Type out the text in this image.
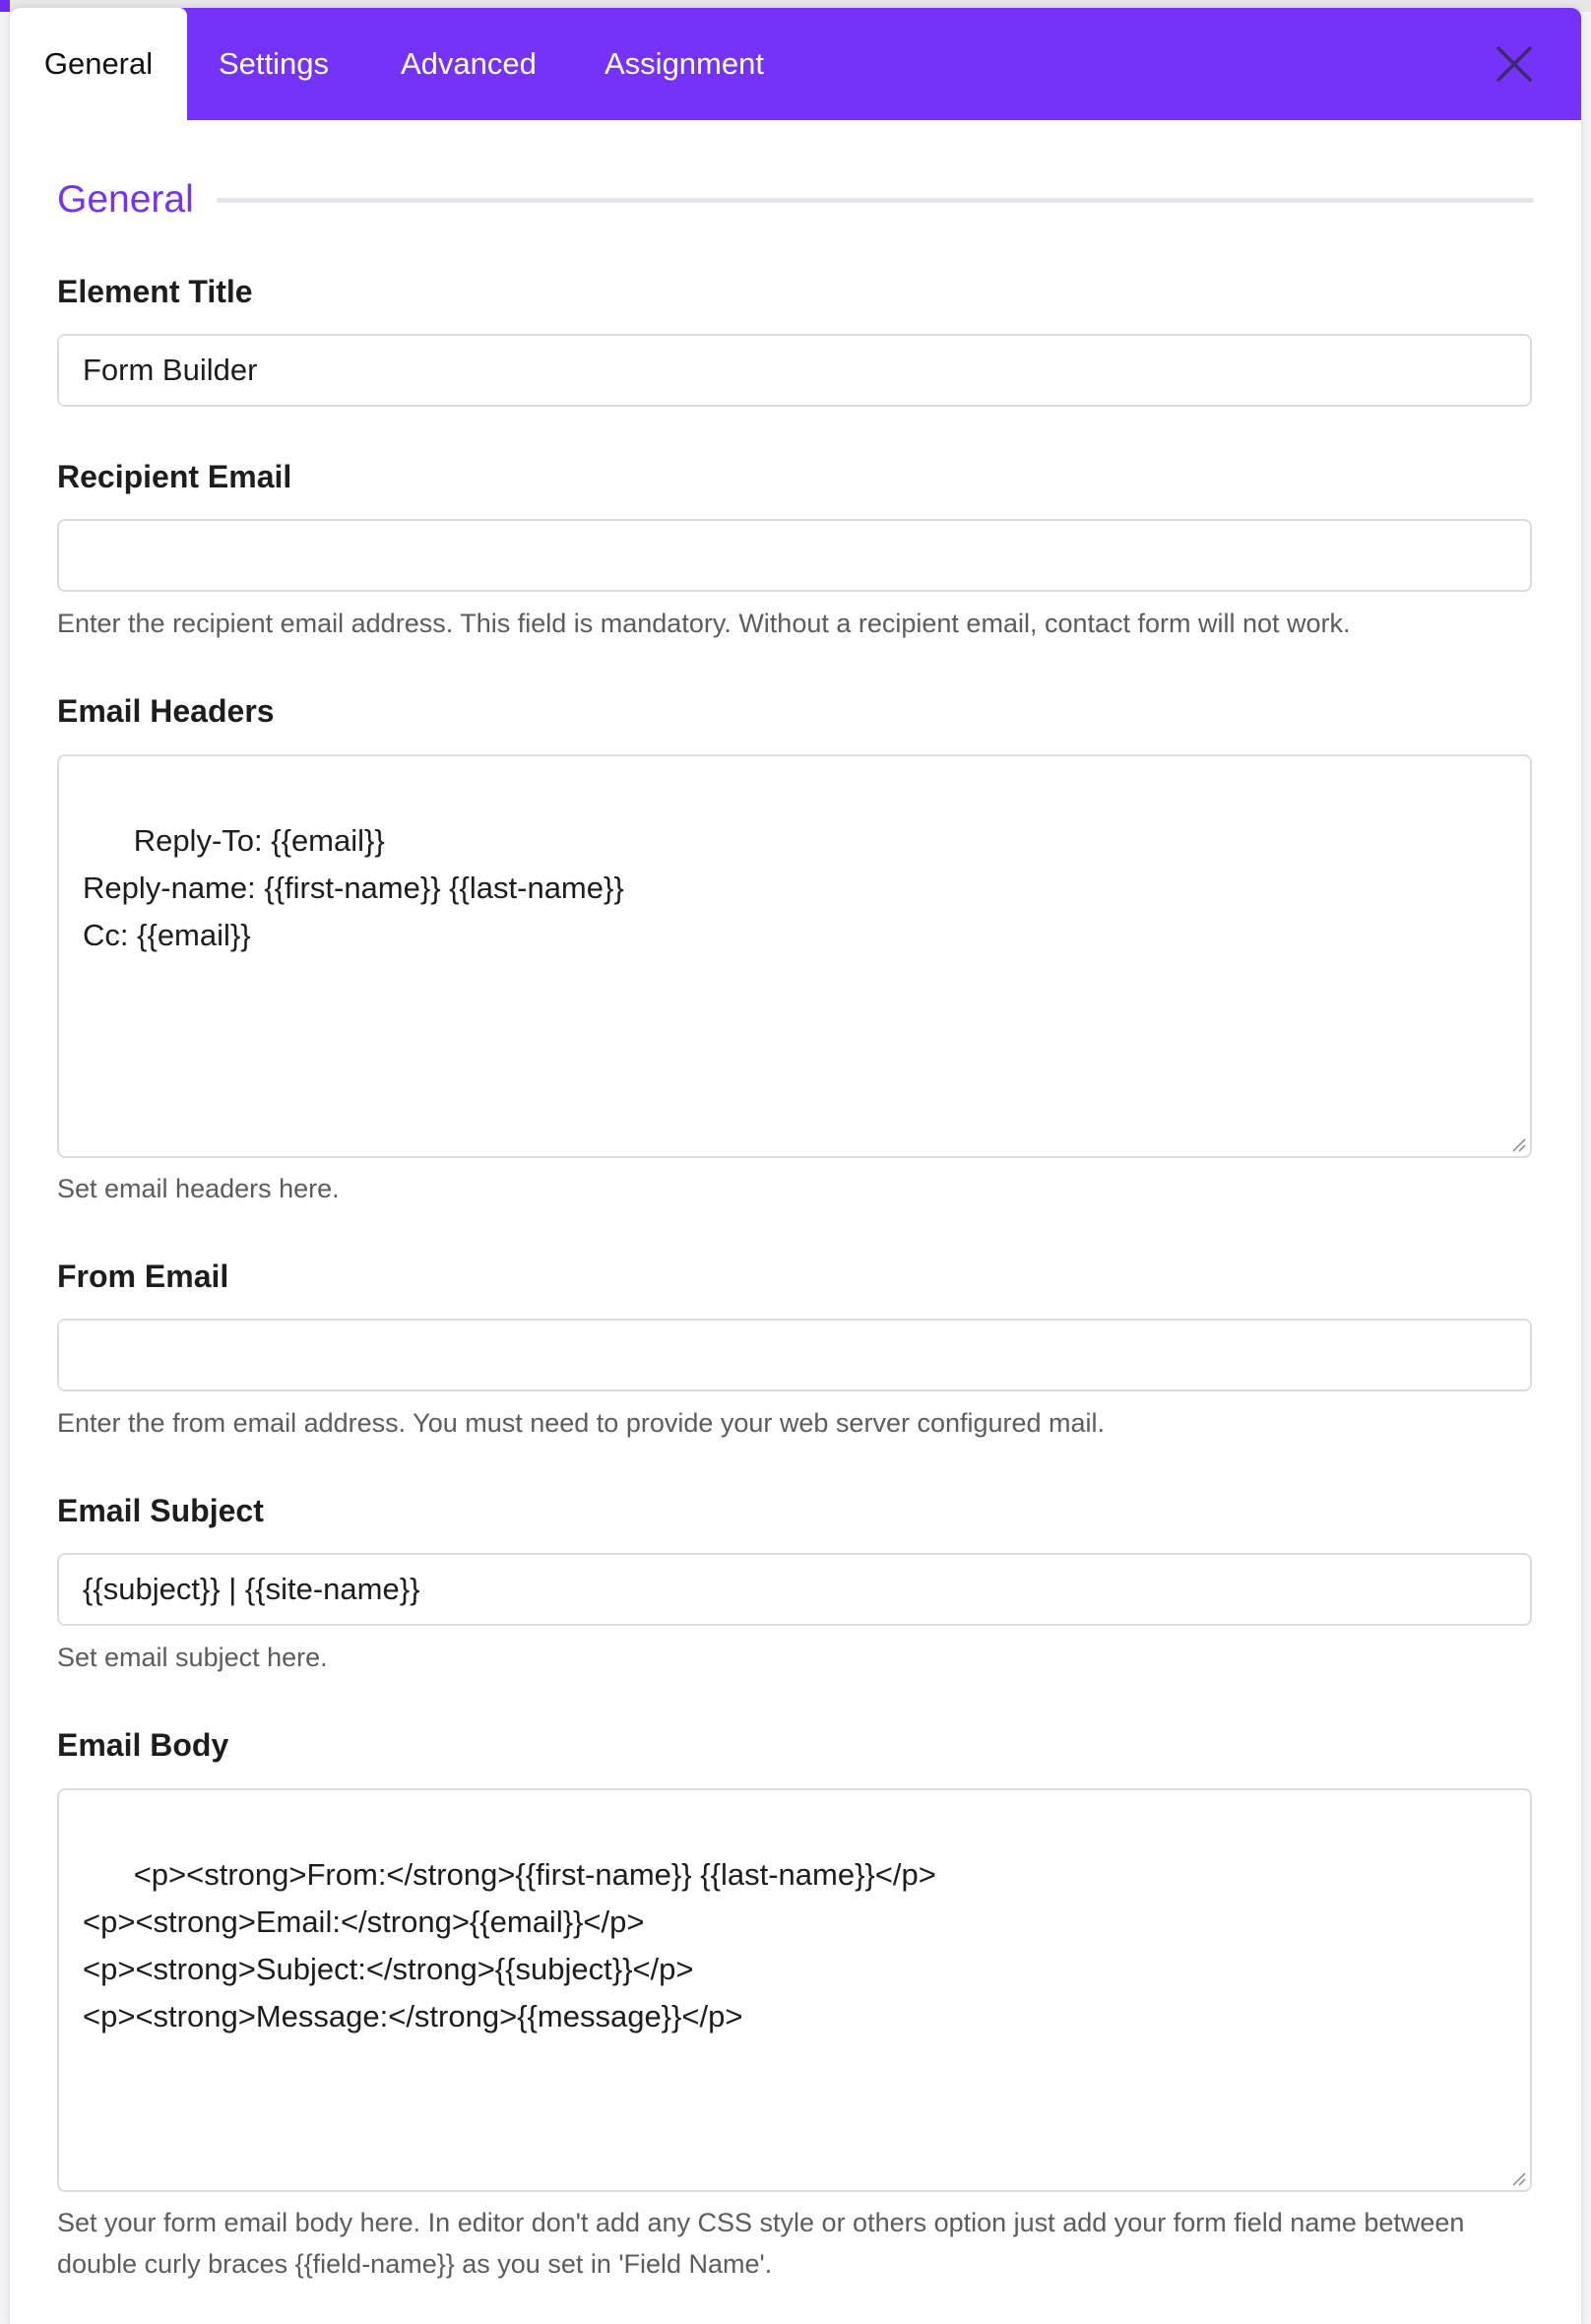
General	Settings Advanced Assignment
General
Element Title
Form Builder
Recipient Email
Enter the recipient email address. This field is mandatory. Without a recipient email, contact form will not work.
Email Headers

Reply-To: {{email}}
Reply-name: {{first-name}} {{last-name}}
Cc: {{email}}

Set email headers here.
From Email
Enter the from email address. You must need to provide your web server configured mail.
Email Subject
{{subject}} | {{site-name}}
Set email subject here.
Email Body

<p><strong>From:</strong>{{first-name}} {{last-name}}</p>
<p><strong>Email:</strong>{{email}}</p>
<p><strong>Subject:</strong>{{subject}}</p>
<p><strong>Message:</strong>{{message}}</p>

Set your form email body here. In editor don't add any CSS style or others option just add your form field name between double curly braces {{field-name}} as you set in 'Field Name'.
